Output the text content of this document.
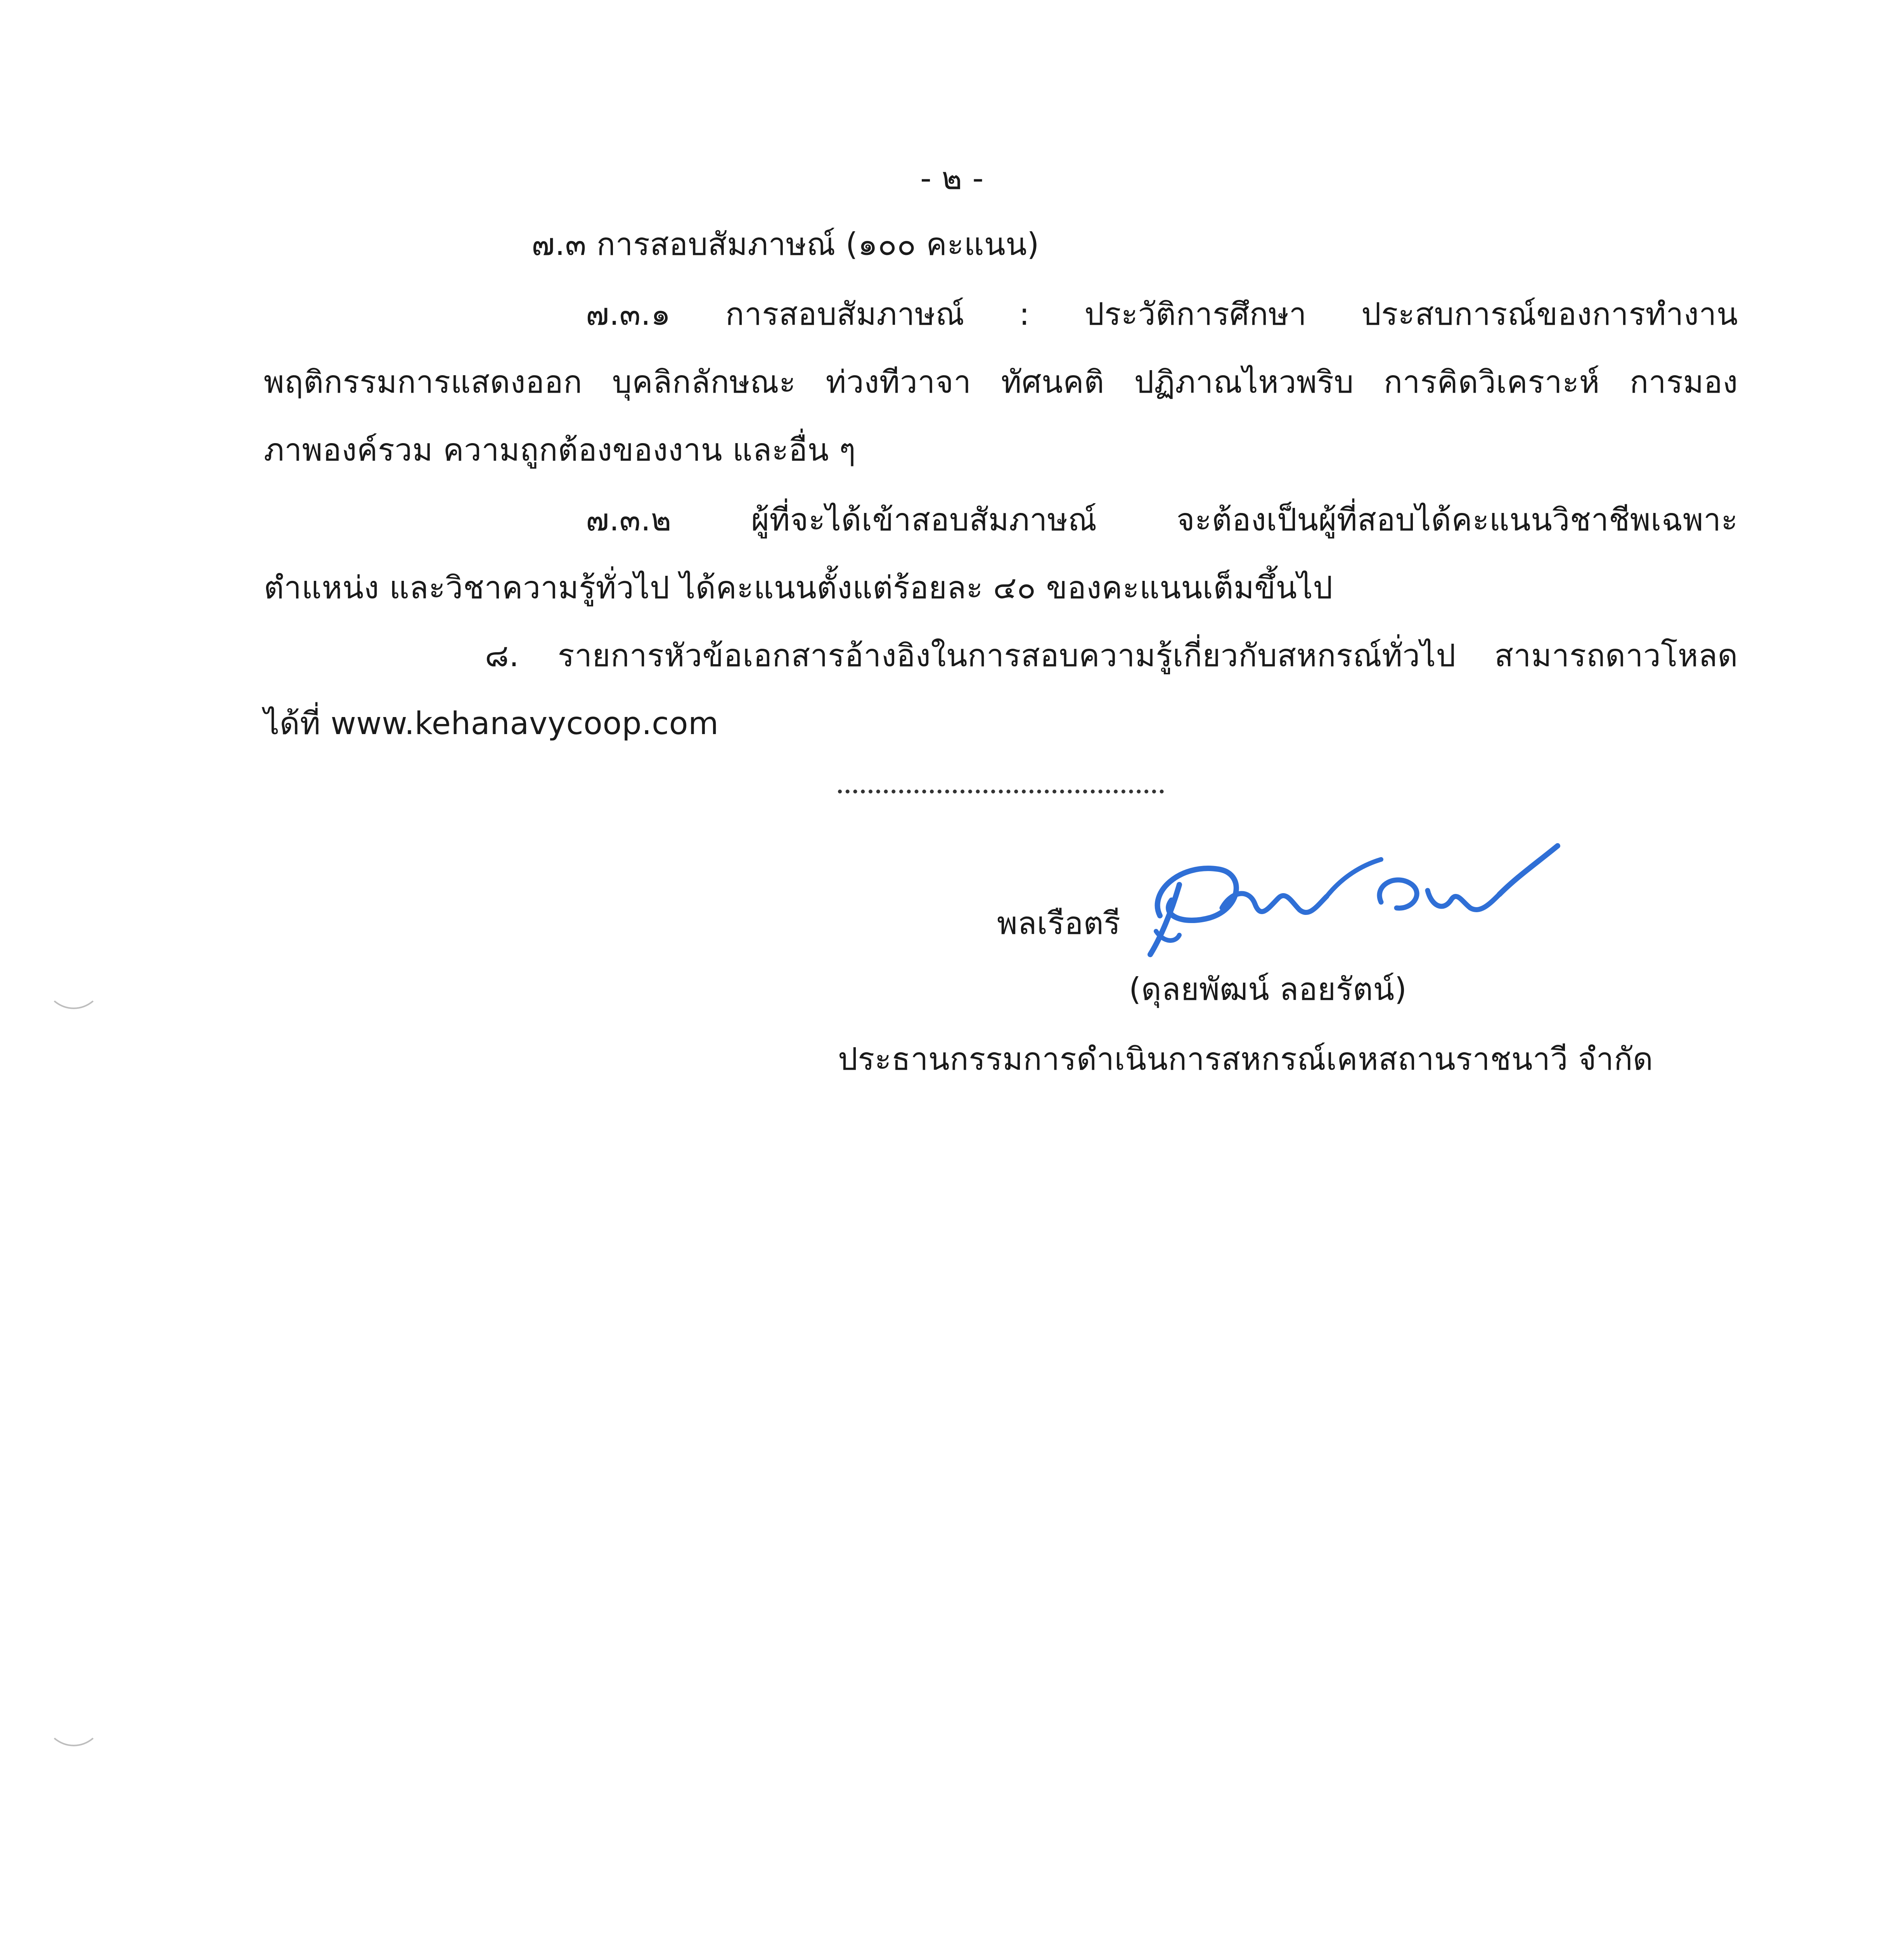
- ๒ -
๗.๓ การสอบสัมภาษณ์ (๑๐๐ คะแนน)
๗.๓.๑ การสอบสัมภาษณ์ : ประวัติการศึกษา ประสบการณ์ของการทำงาน
พฤติกรรมการแสดงออก บุคลิกลักษณะ ท่วงทีวาจา ทัศนคติ ปฏิภาณไหวพริบ การคิดวิเคราะห์ การมอง
ภาพองค์รวม ความถูกต้องของงาน และอื่น ๆ
๗.๓.๒ ผู้ที่จะได้เข้าสอบสัมภาษณ์ จะต้องเป็นผู้ที่สอบได้คะแนนวิชาชีพเฉพาะ
ตำแหน่ง และวิชาความรู้ทั่วไป ได้คะแนนตั้งแต่ร้อยละ ๔๐ ของคะแนนเต็มขึ้นไป
๘. รายการหัวข้อเอกสารอ้างอิงในการสอบความรู้เกี่ยวกับสหกรณ์ทั่วไป สามารถดาวโหลด
ได้ที่ www.kehanavycoop.com
พลเรือตรี
(ดุลยพัฒน์ ลอยรัตน์)
ประธานกรรมการดำเนินการสหกรณ์เคหสถานราชนาวี จำกัด
